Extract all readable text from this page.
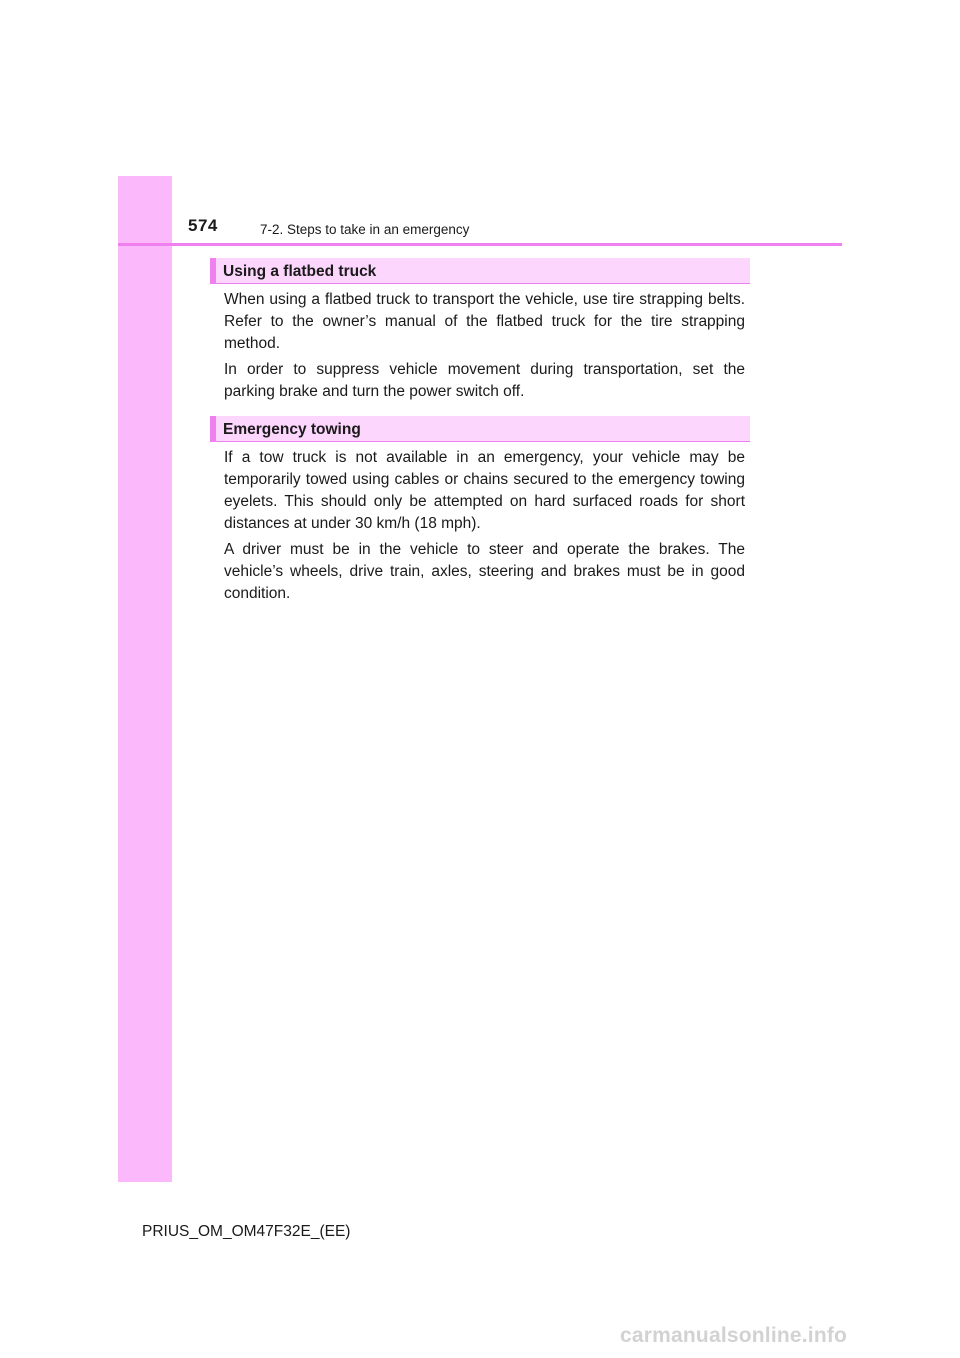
574	7-2. Steps to take in an emergency
Using a flatbed truck

When using a flatbed truck to transport the vehicle, use tire strapping belts. Refer to the owner’s manual of the flatbed truck for the tire strapping method.

In order to suppress vehicle movement during transportation, set the parking brake and turn the power switch off.

Emergency towing

If a tow truck is not available in an emergency, your vehicle may be temporarily towed using cables or chains secured to the emergency towing eyelets. This should only be attempted on hard surfaced roads for short distances at under 30 km/h (18 mph).

A driver must be in the vehicle to steer and operate the brakes. The vehicle’s wheels, drive train, axles, steering and brakes must be in good condition.

PRIUS_OM_OM47F32E_(EE)
carmanualsonline.info
